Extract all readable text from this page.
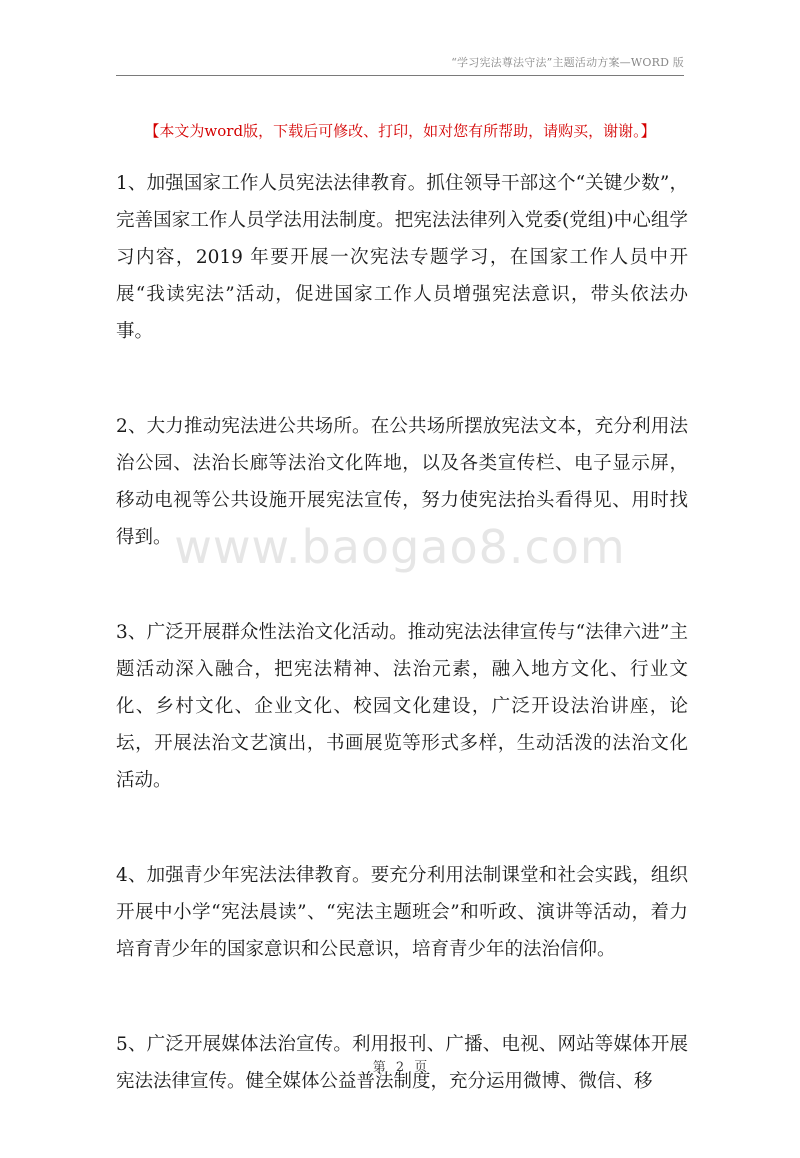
“学习宪法尊法守法”主题活动方案—WORD 版
【本文为word版，下载后可修改、打印，如对您有所帮助，请购买，谢谢。】

1、加强国家工作人员宪法法律教育。抓住领导干部这个“关键少数”，完善国家工作人员学法用法制度。把宪法法律列入党委(党组)中心组学习内容，2019 年要开展一次宪法专题学习，在国家工作人员中开展“我读宪法”活动，促进国家工作人员增强宪法意识，带头依法办事。

2、大力推动宪法进公共场所。在公共场所摆放宪法文本，充分利用法治公园、法治长廊等法治文化阵地，以及各类宣传栏、电子显示屏，移动电视等公共设施开展宪法宣传，努力使宪法抬头看得见、用时找得到。

3、广泛开展群众性法治文化活动。推动宪法法律宣传与“法律六进”主题活动深入融合，把宪法精神、法治元素，融入地方文化、行业文化、乡村文化、企业文化、校园文化建设，广泛开设法治讲座，论坛，开展法治文艺演出，书画展览等形式多样，生动活泼的法治文化活动。

4、加强青少年宪法法律教育。要充分利用法制课堂和社会实践，组织开展中小学“宪法晨读”、“宪法主题班会”和听政、演讲等活动，着力培育青少年的国家意识和公民意识，培育青少年的法治信仰。

5、广泛开展媒体法治宣传。利用报刊、广播、电视、网站等媒体开展宪法法律宣传。健全媒体公益普法制度，充分运用微博、微信、移

www.baogao8.com
第 2 页
